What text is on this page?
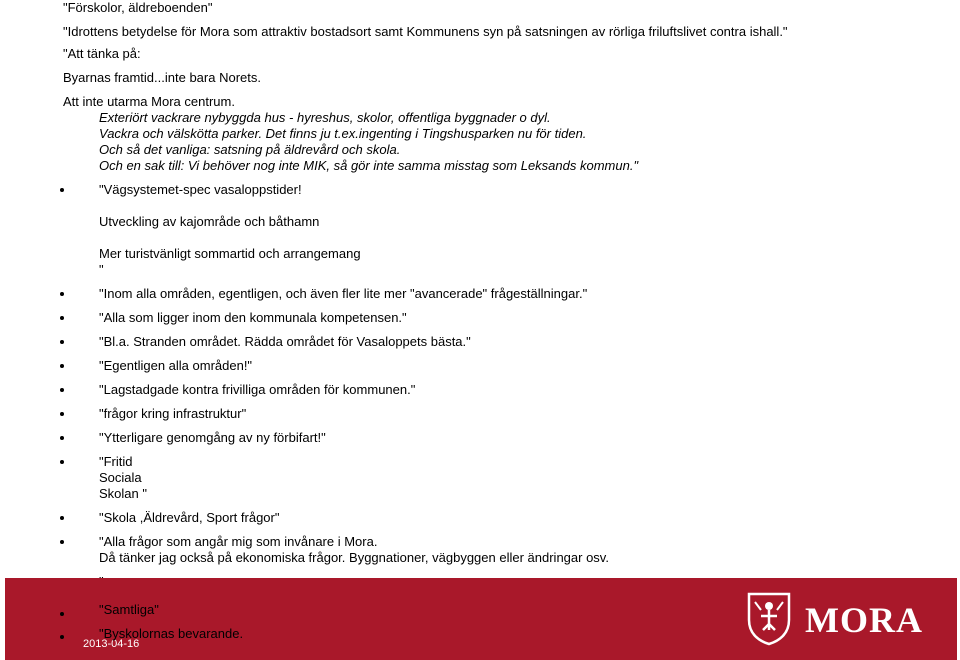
"Förskolor, äldreboenden"
"Idrottens betydelse för Mora som attraktiv bostadsort samt Kommunens syn på satsningen av rörliga friluftslivet contra ishall."
"Att tänka på:
Byarnas framtid...inte bara Norets.
Att inte utarma Mora centrum.
Exteriört vackrare nybyggda hus - hyreshus, skolor, offentliga byggnader o dyl.
Vackra och välskötta parker. Det finns ju t.ex.ingenting i Tingshusparken nu för tiden.
Och så det vanliga: satsning på äldrevård och skola.
Och en sak till: Vi behöver nog inte MIK, så gör inte samma misstag som Leksands kommun."
"Vägsystemet-spec vasaloppstider!
Utveckling av kajområde och båthamn
Mer turistvänligt sommartid och arrangemang
"
"Inom alla områden, egentligen, och även fler lite mer "avancerade" frågeställningar."
"Alla som ligger inom den kommunala kompetensen."
"Bl.a. Stranden området. Rädda området för Vasaloppets bästa."
"Egentligen alla områden!"
"Lagstadgade kontra frivilliga områden för kommunen."
"frågor kring infrastruktur"
"Ytterligare genomgång av ny förbifart!"
"Fritid
Sociala
Skolan "
"Skola ,Äldrevård, Sport frågor"
"Alla frågor som angår mig som invånare i Mora.
Då tänker jag också på ekonomiska frågor. Byggnationer, vägbyggen eller ändringar osv.
MORA
2013-04-16
"Samtliga"
"Byskolornas bevarande.
